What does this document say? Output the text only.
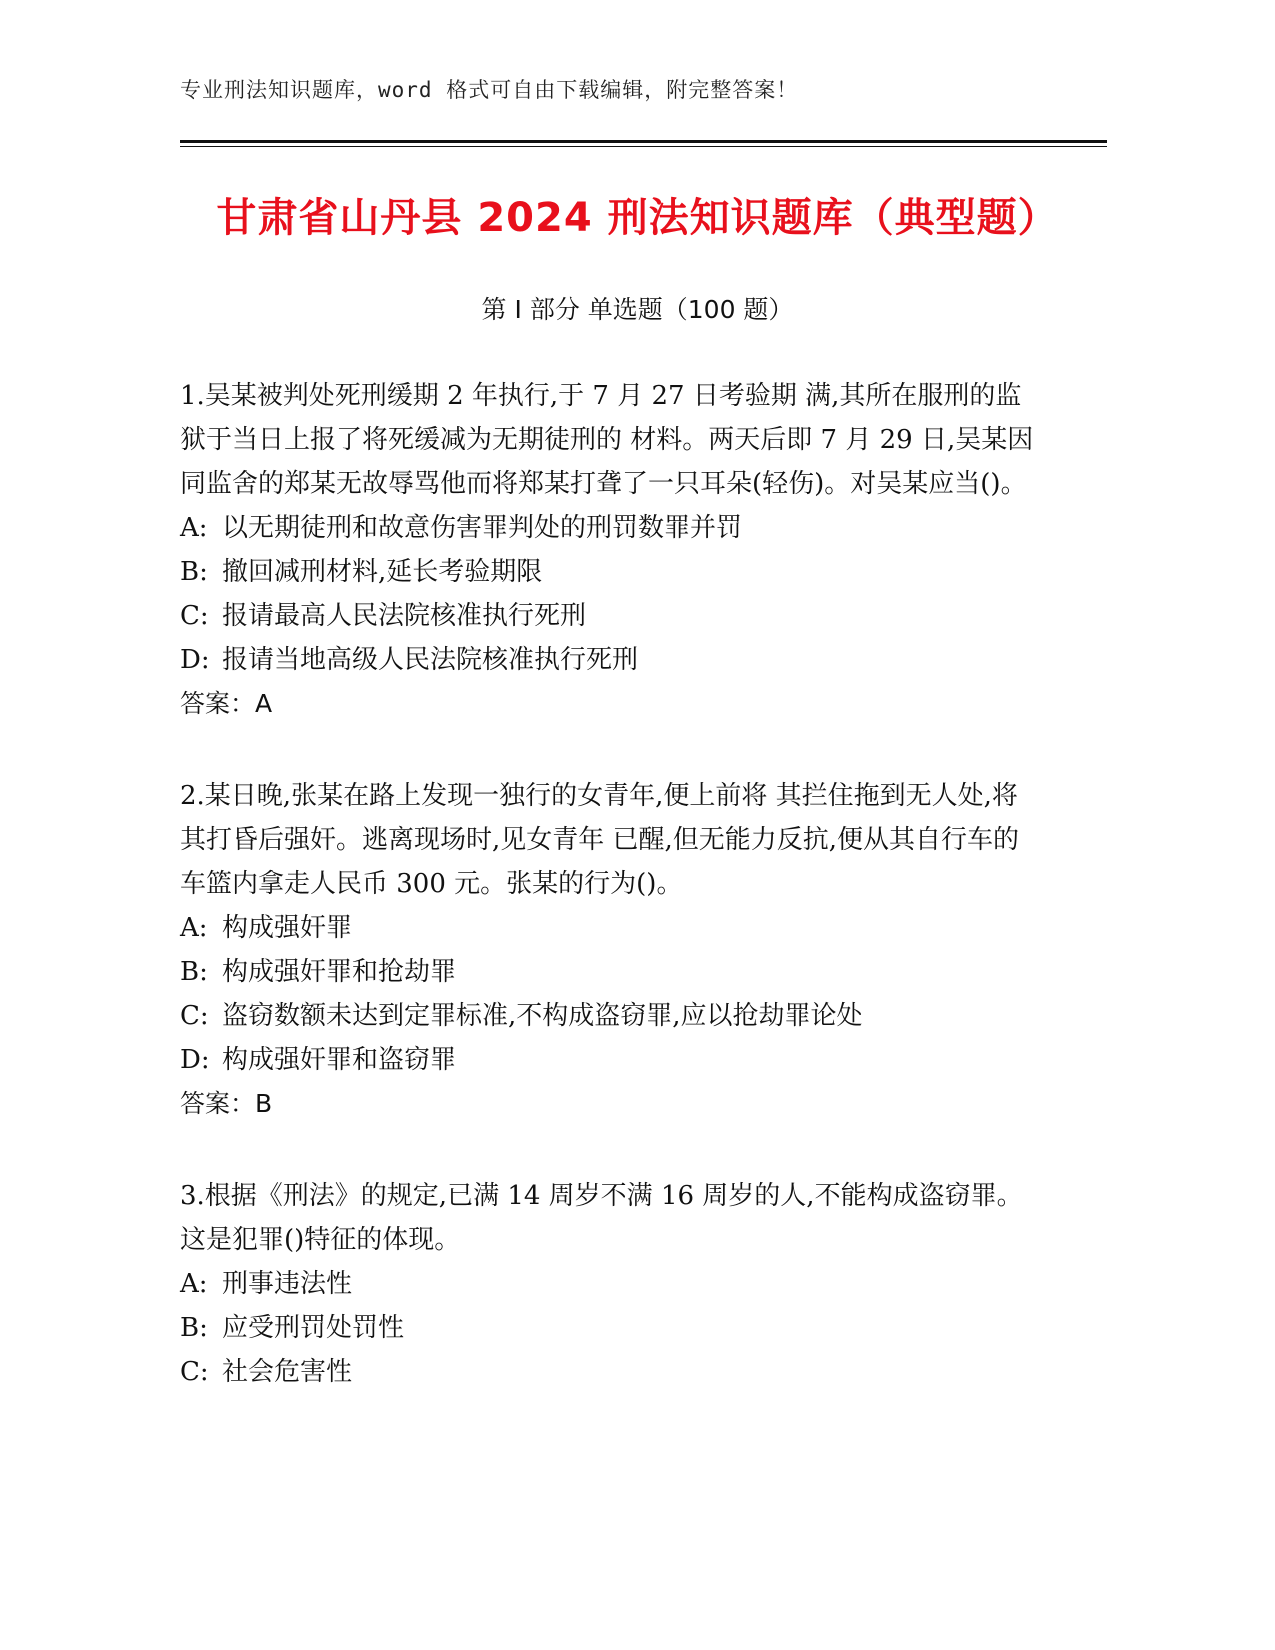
专业刑法知识题库，word 格式可自由下载编辑，附完整答案！
甘肃省山丹县 2024 刑法知识题库（典型题）
第 I 部分 单选题（100 题）

1.吴某被判处死刑缓期 2 年执行,于 7 月 27 日考验期 满,其所在服刑的监狱于当日上报了将死缓减为无期徒刑的 材料。两天后即 7 月 29 日,吴某因同监舍的郑某无故辱骂他而将郑某打聋了一只耳朵(轻伤)。对吴某应当()。

A: 以无期徒刑和故意伤害罪判处的刑罚数罪并罚

B: 撤回减刑材料,延长考验期限

C: 报请最高人民法院核准执行死刑

D: 报请当地高级人民法院核准执行死刑

答案：A

2.某日晚,张某在路上发现一独行的女青年,便上前将 其拦住拖到无人处,将其打昏后强奸。逃离现场时,见女青年 已醒,但无能力反抗,便从其自行车的车篮内拿走人民币 300 元。张某的行为()。

A: 构成强奸罪

B: 构成强奸罪和抢劫罪

C: 盗窃数额未达到定罪标准,不构成盗窃罪,应以抢劫罪论处

D: 构成强奸罪和盗窃罪

答案：B

3.根据《刑法》的规定,已满 14 周岁不满 16 周岁的人,不能构成盗窃罪。这是犯罪()特征的体现。

A: 刑事违法性

B: 应受刑罚处罚性

C: 社会危害性
